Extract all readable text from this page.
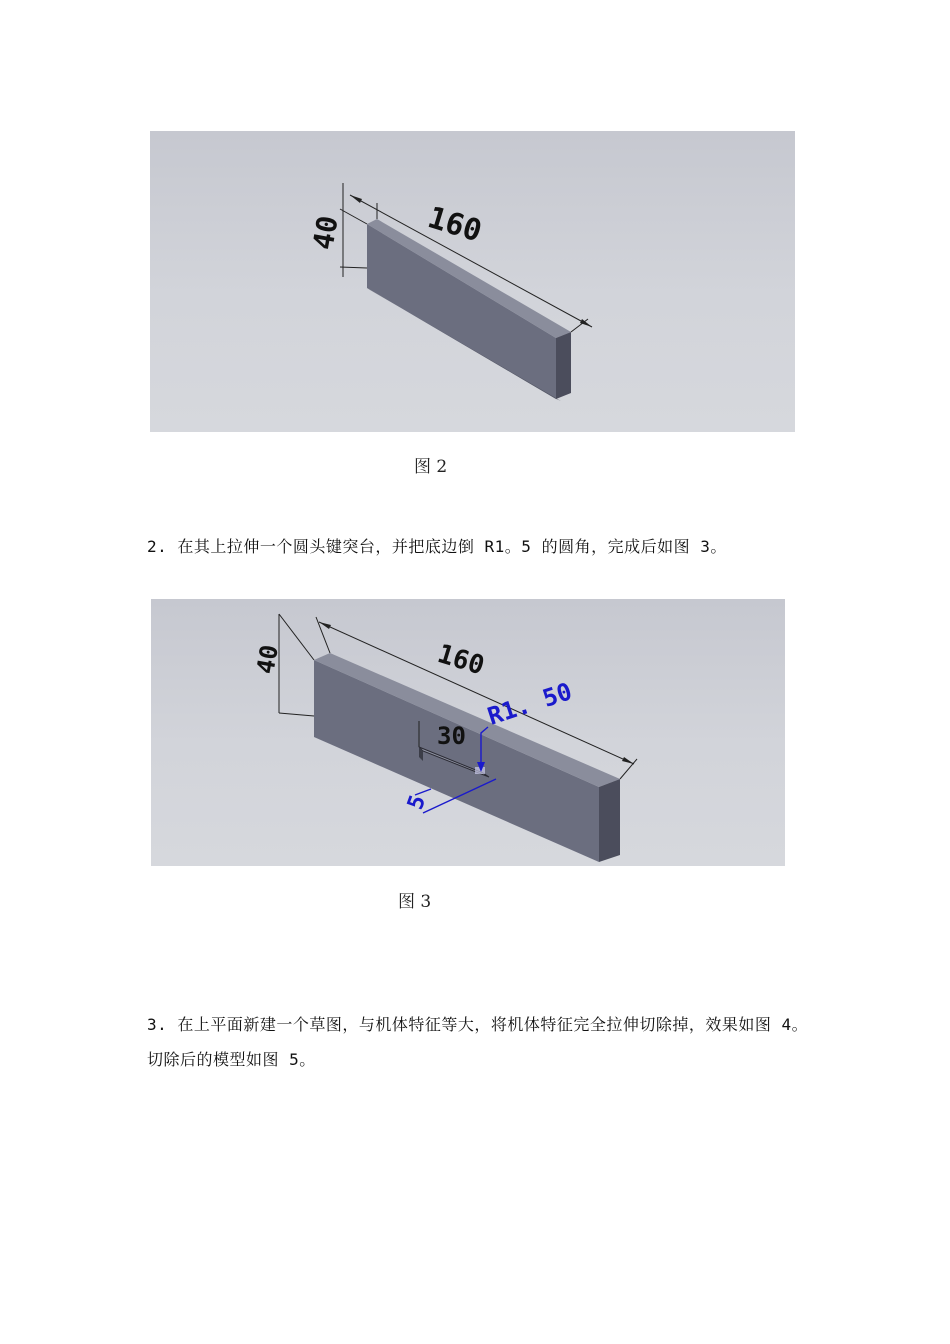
40	160
图 2
2. 在其上拉伸一个圆头键突台，并把底边倒 R1。5 的圆角，完成后如图 3。
40	160
30
R1. 50
5
图 3
3. 在上平面新建一个草图，与机体特征等大，将机体特征完全拉伸切除掉，效果如图 4。
切除后的模型如图 5。
